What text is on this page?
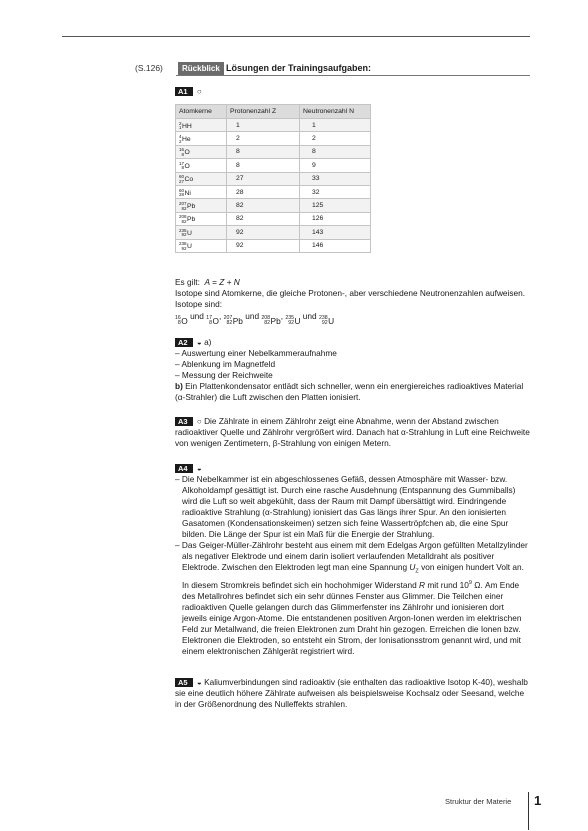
(S.126)	Rückblick Lösungen der Trainingsaufgaben:
A1 ○
Atomkerne	Protonenzahl Z	Neutronenzahl N

2
1 HH	1	1

4
2 He	2	2

16
8 O	8	8

17
8 O	8	9

60
27 Co	27	33

60
28 Ni	28	32

207
82 Pb	82	125

208
82 Pb	82	126

235
92 U	92	143

238
92 U	92	146

Es gilt: A = Z + N

Isotope sind Atomkerne, die gleiche Protonen-, aber verschiedene Neutronenzahlen aufweisen. Isotope sind:

16
8 O und 17
8 O , 207
82 Pb und 208
82 Pb , 235
92 U und 238
92 U

A2 ◒ a)

– Auswertung einer Nebelkammeraufnahme

– Ablenkung im Magnetfeld

– Messung der Reichweite

b) Ein Plattenkondensator entlädt sich schneller, wenn ein energiereiches radioaktives Material (α-Strahler) die Luft zwischen den Platten ionisiert.

A3 ○ Die Zählrate in einem Zählrohr zeigt eine Abnahme, wenn der Abstand zwischen radioaktiver Quelle und Zählrohr vergrößert wird. Danach hat α-Strahlung in Luft eine Reichweite von wenigen Zentimetern, β-Strahlung von einigen Metern.

A4 ◒

– Die Nebelkammer ist ein abgeschlossenes Gefäß, dessen Atmosphäre mit Wasser- bzw. Alkoholdampf gesättigt ist. Durch eine rasche Ausdehnung (Entspannung des Gummiballs) wird die Luft so weit abgekühlt, dass der Raum mit Dampf übersättigt wird. Eindringende radioaktive Strahlung (α-Strahlung) ionisiert das Gas längs ihrer Spur. An den ionisierten Gasatomen (Kondensationskeimen) setzen sich feine Wassertröpfchen ab, die eine Spur bilden. Die Länge der Spur ist ein Maß für die Energie der Strahlung.

– Das Geiger-Müller-Zählrohr besteht aus einem mit dem Edelgas Argon gefüllten Metallzylinder als negativer Elektrode und einem darin isoliert verlaufenden Metalldraht als positiver Elektrode. Zwischen den Elektroden legt man eine Spannung $U_Z$ von einigen hundert Volt an. In diesem Stromkreis befindet sich ein hochohmiger Widerstand R mit rund $10^9$ Ω. Am Ende des Metallrohres befindet sich ein sehr dünnes Fenster aus Glimmer. Die Teilchen einer radioaktiven Quelle gelangen durch das Glimmerfenster ins Zählrohr und ionisieren dort jeweils einige Argon-Atome. Die entstandenen positiven Argon-Ionen werden im elektrischen Feld zur Metallwand, die freien Elektronen zum Draht hin gezogen. Erreichen die Ionen bzw. Elektronen die Elektroden, so entsteht ein Strom, der Ionisationsstrom genannt wird, und mit einem elektronischen Zählgerät registriert wird.

A5 ◒ Kaliumverbindungen sind radioaktiv (sie enthalten das radioaktive Isotop K-40), weshalb sie eine deutlich höhere Zählrate aufweisen als beispielsweise Kochsalz oder Seesand, welche in der Größenordnung des Nulleffekts strahlen.

Struktur der Materie 1
